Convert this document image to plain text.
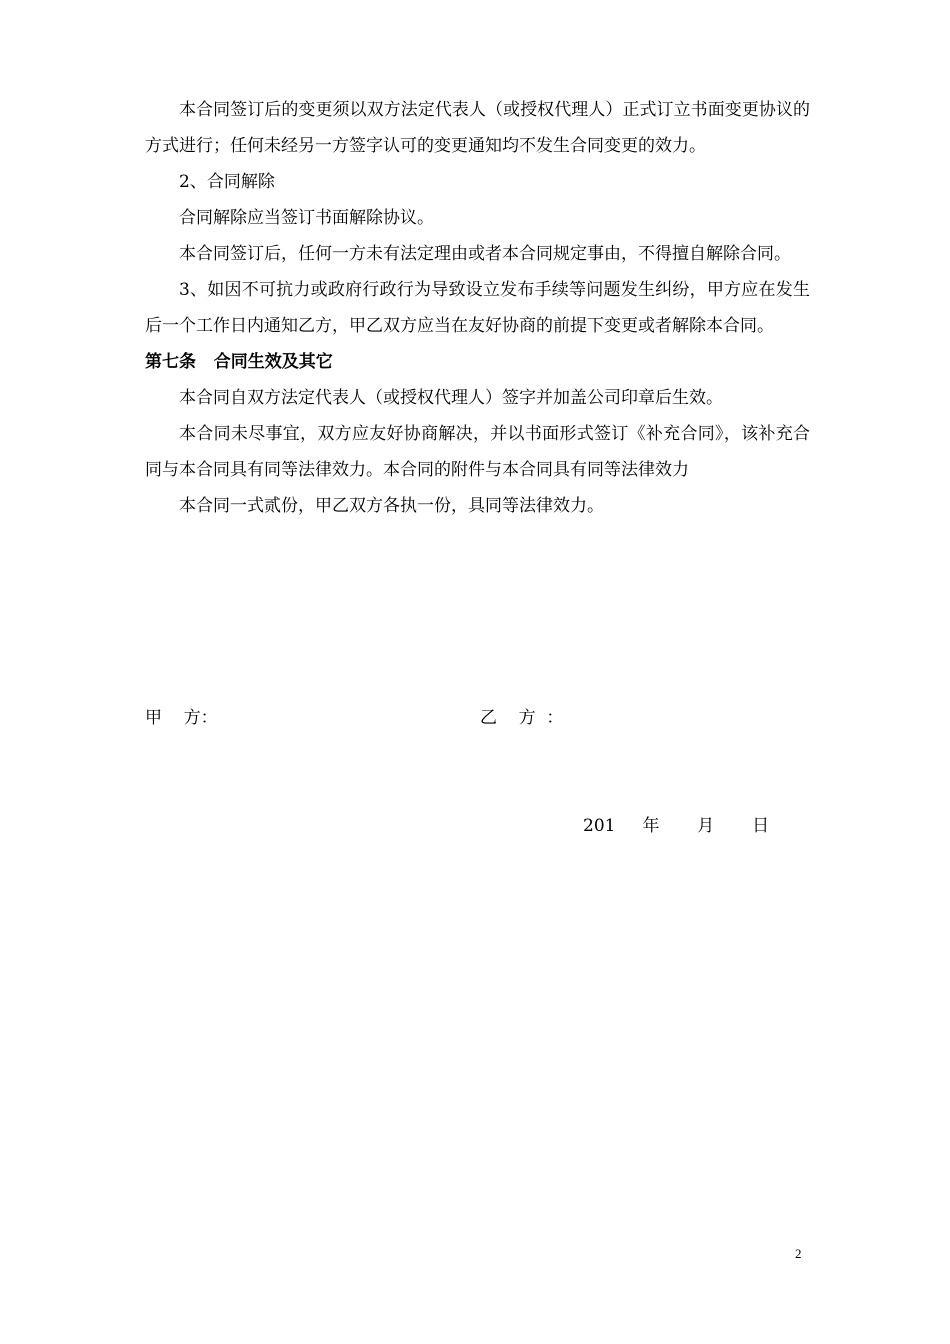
本合同签订后的变更须以双方法定代表人（或授权代理人）正式订立书面变更协议的方式进行；任何未经另一方签字认可的变更通知均不发生合同变更的效力。

2、合同解除

合同解除应当签订书面解除协议。

本合同签订后，任何一方未有法定理由或者本合同规定事由，不得擅自解除合同。

3、如因不可抗力或政府行政行为导致设立发布手续等问题发生纠纷，甲方应在发生后一个工作日内通知乙方，甲乙双方应当在友好协商的前提下变更或者解除本合同。

第七条   合同生效及其它

本合同自双方法定代表人（或授权代理人）签字并加盖公司印章后生效。

本合同未尽事宜，双方应友好协商解决，并以书面形式签订《补充合同》，该补充合同与本合同具有同等法律效力。本合同的附件与本合同具有同等法律效力

本合同一式贰份，甲乙双方各执一份，具同等法律效力。

甲    方：	乙    方  ：
201     年       月       日
2
